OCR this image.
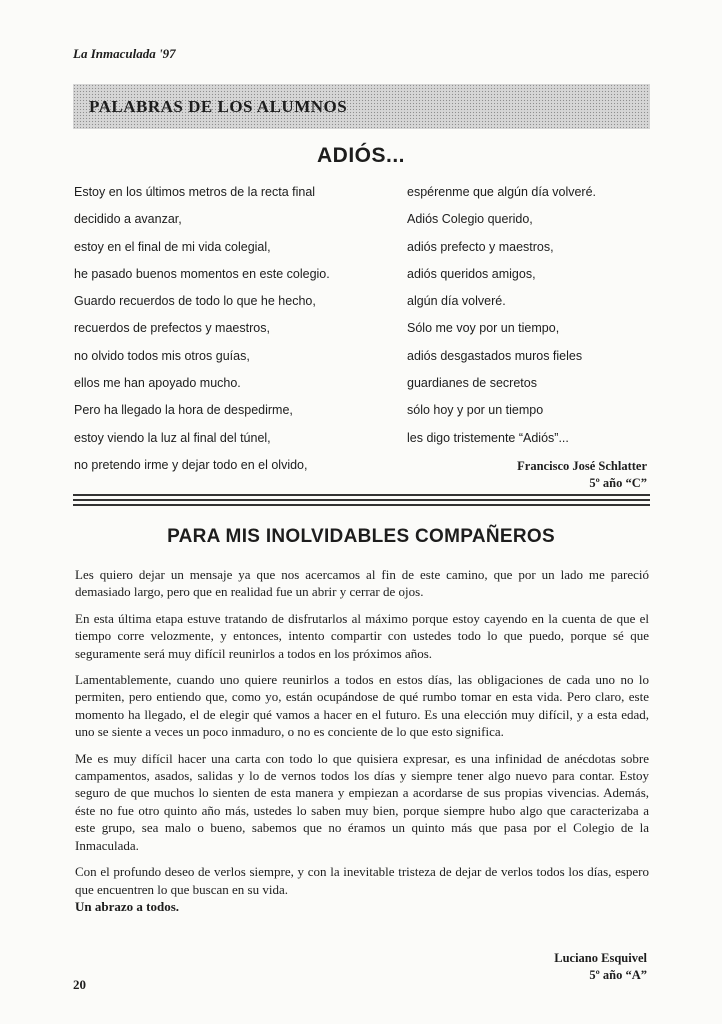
La Inmaculada '97
PALABRAS DE LOS ALUMNOS
ADIÓS...
Estoy en los últimos metros de la recta final
decidido a avanzar,
estoy en el final de mi vida colegial,
he pasado buenos momentos en este colegio.
Guardo recuerdos de todo lo que he hecho,
recuerdos de prefectos y maestros,
no olvido todos mis otros guías,
ellos me han apoyado mucho.
Pero ha llegado la hora de despedirme,
estoy viendo la luz al final del túnel,
no pretendo irme y dejar todo en el olvido,
espérenme que algún día volveré.
Adiós Colegio querido,
adiós prefecto y maestros,
adiós queridos amigos,
algún día volveré.
Sólo me voy por un tiempo,
adiós desgastados muros fieles
guardianes de secretos
sólo hoy y por un tiempo
les digo tristemente “Adiós”...
Francisco José Schlatter
5º año “C”
PARA MIS INOLVIDABLES COMPAÑEROS

Les quiero dejar un mensaje ya que nos acercamos al fin de este camino, que por un lado me pareció demasiado largo, pero que en realidad fue un abrir y cerrar de ojos.

En esta última etapa estuve tratando de disfrutarlos al máximo porque estoy cayendo en la cuenta de que el tiempo corre velozmente, y entonces, intento compartir con ustedes todo lo que puedo, porque sé que seguramente será muy difícil reunirlos a todos en los próximos años.

Lamentablemente, cuando uno quiere reunirlos a todos en estos días, las obligaciones de cada uno no lo permiten, pero entiendo que, como yo, están ocupándose de qué rumbo tomar en esta vida. Pero claro, este momento ha llegado, el de elegir qué vamos a hacer en el futuro. Es una elección muy difícil, y a esta edad, uno se siente a veces un poco inmaduro, o no es conciente de lo que esto significa.

Me es muy difícil hacer una carta con todo lo que quisiera expresar, es una infinidad de anécdotas sobre campamentos, asados, salidas y lo de vernos todos los días y siempre tener algo nuevo para contar. Estoy seguro de que muchos lo sienten de esta manera y empiezan a acordarse de sus propias vivencias. Además, éste no fue otro quinto año más, ustedes lo saben muy bien, porque siempre hubo algo que caracterizaba a este grupo, sea malo o bueno, sabemos que no éramos un quinto más que pasa por el Colegio de la Inmaculada.

Con el profundo deseo de verlos siempre, y con la inevitable tristeza de dejar de verlos todos los días, espero que encuentren lo que buscan en su vida.

Un abrazo a todos.

Luciano Esquivel
5º año “A”
20
